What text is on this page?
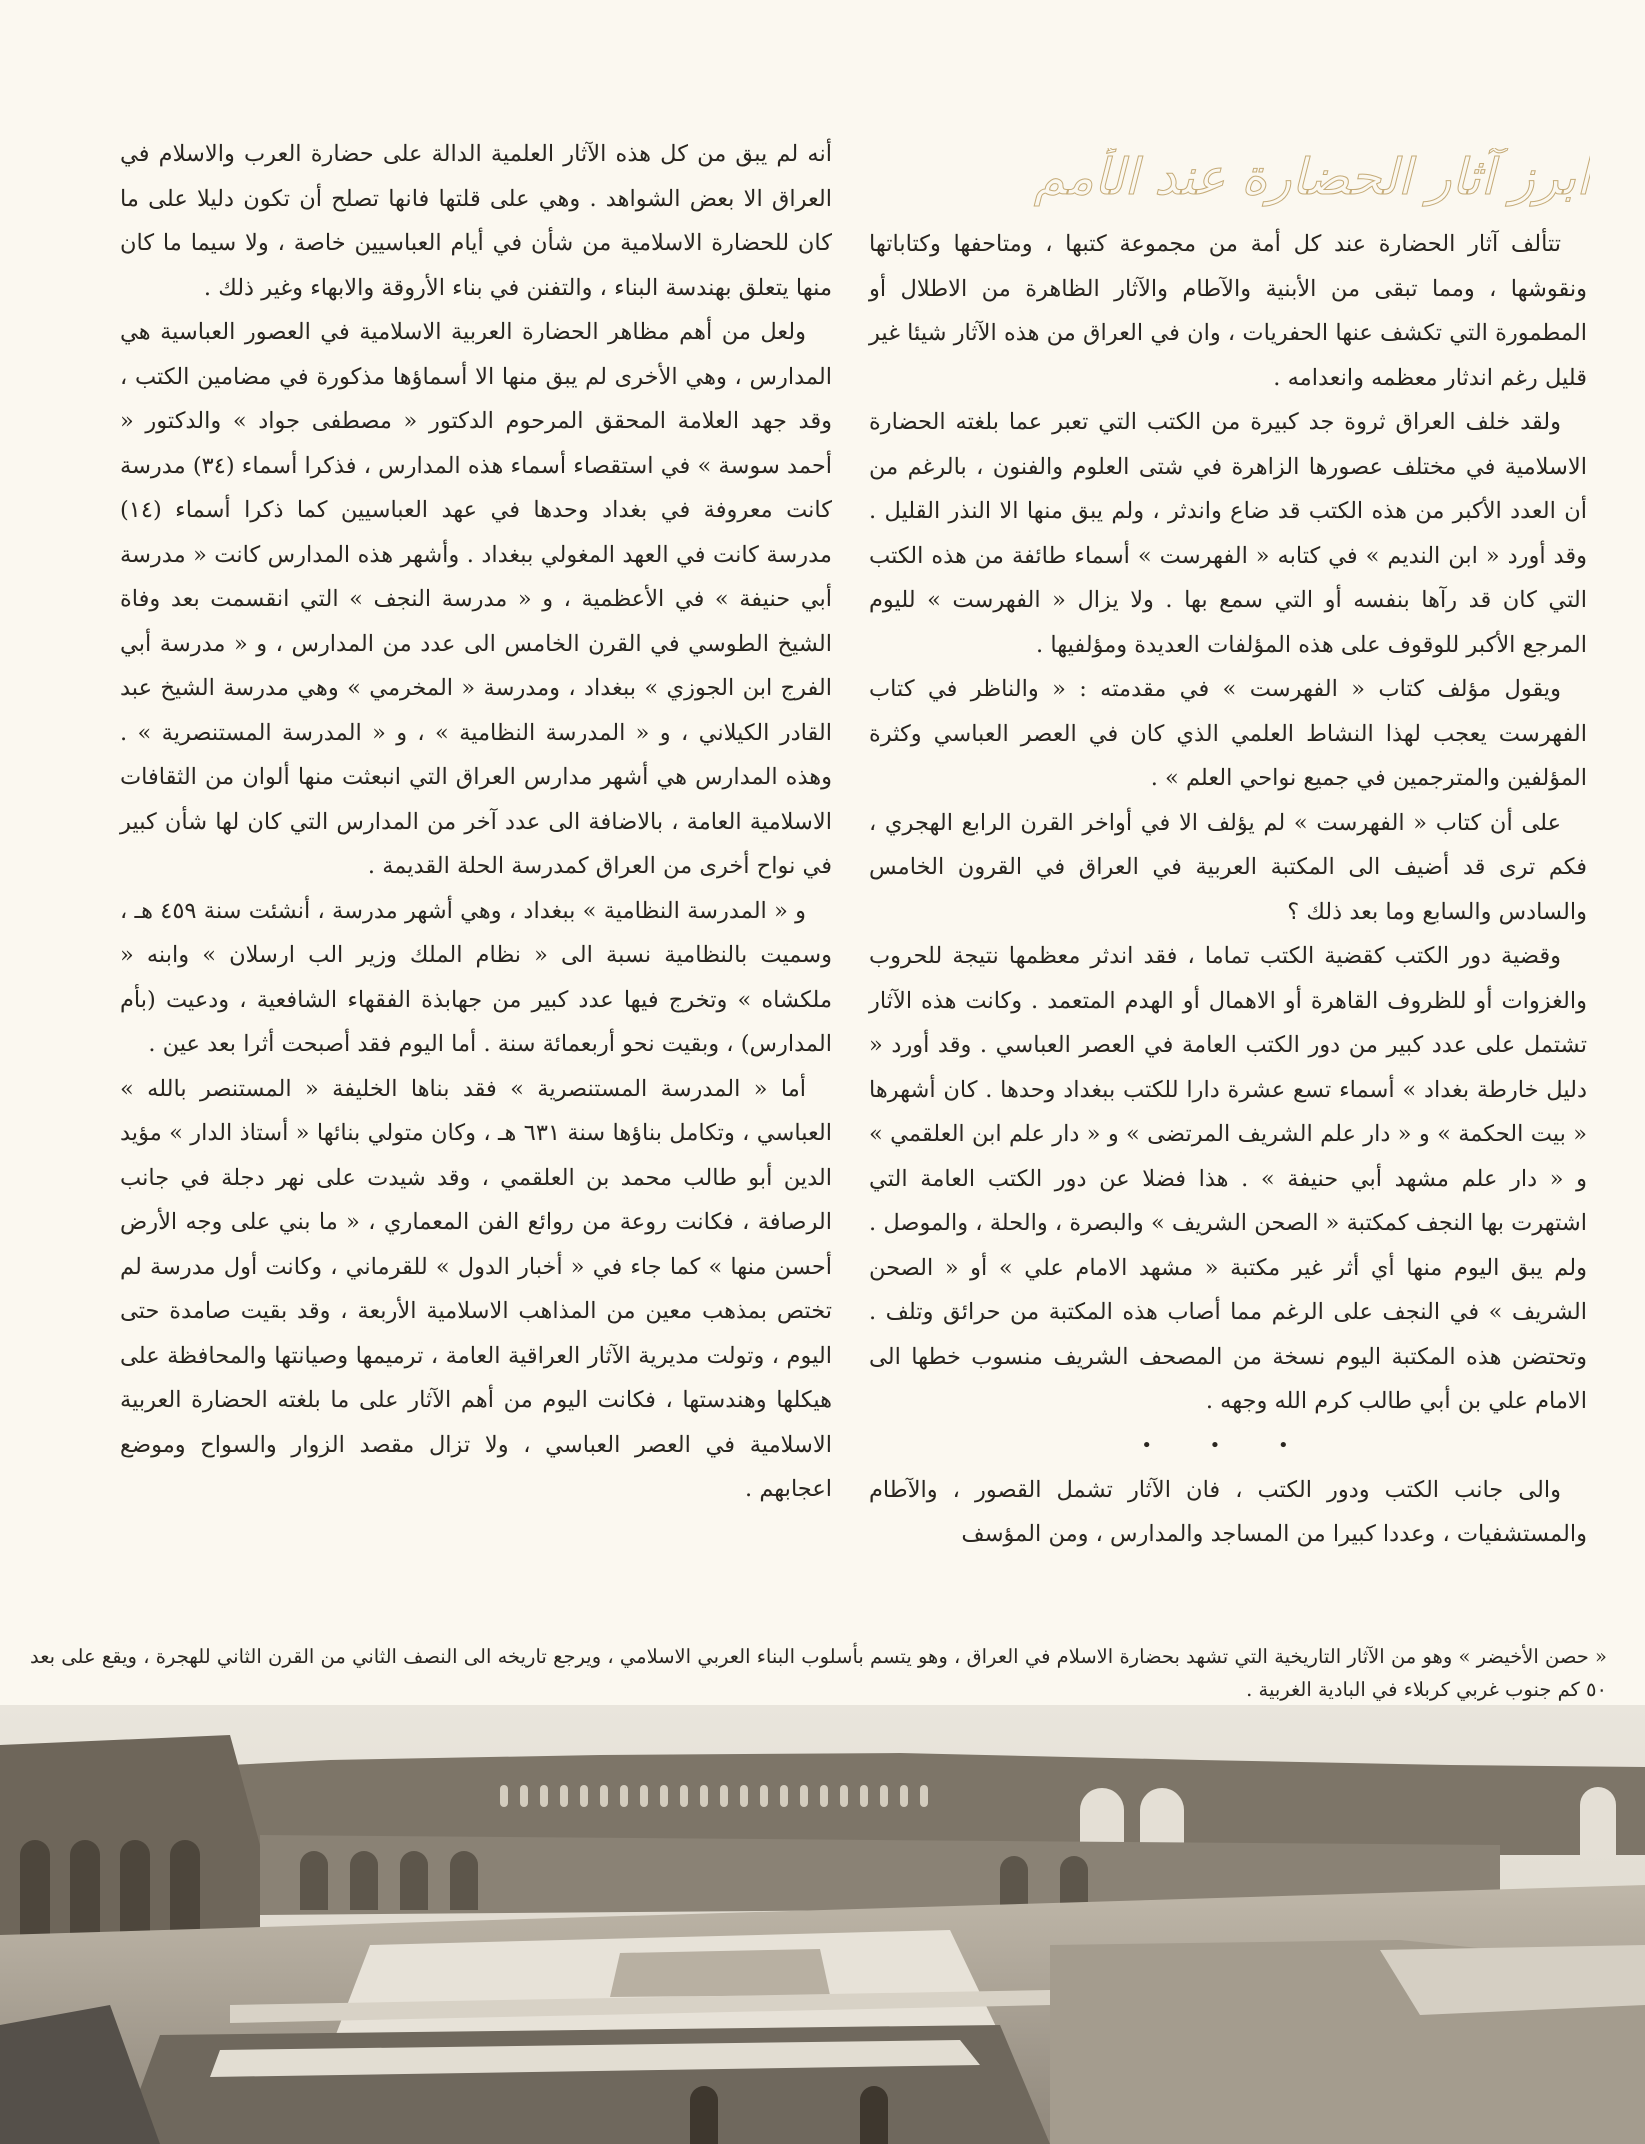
ابرز آثار الحضارة عند الأمم

تتألف آثار الحضارة عند كل أمة من مجموعة كتبها ، ومتاحفها وكتاباتها ونقوشها ، ومما تبقى من الأبنية والآطام والآثار الظاهرة من الاطلال أو المطمورة التي تكشف عنها الحفريات ، وان في العراق من هذه الآثار شيئا غير قليل رغم اندثار معظمه وانعدامه .

ولقد خلف العراق ثروة جد كبيرة من الكتب التي تعبر عما بلغته الحضارة الاسلامية في مختلف عصورها الزاهرة في شتى العلوم والفنون ، بالرغم من أن العدد الأكبر من هذه الكتب قد ضاع واندثر ، ولم يبق منها الا النذر القليل . وقد أورد « ابن النديم » في كتابه « الفهرست » أسماء طائفة من هذه الكتب التي كان قد رآها بنفسه أو التي سمع بها . ولا يزال « الفهرست » لليوم المرجع الأكبر للوقوف على هذه المؤلفات العديدة ومؤلفيها .

ويقول مؤلف كتاب « الفهرست » في مقدمته : « والناظر في كتاب الفهرست يعجب لهذا النشاط العلمي الذي كان في العصر العباسي وكثرة المؤلفين والمترجمين في جميع نواحي العلم » .

على أن كتاب « الفهرست » لم يؤلف الا في أواخر القرن الرابع الهجري ، فكم ترى قد أضيف الى المكتبة العربية في العراق في القرون الخامس والسادس والسابع وما بعد ذلك ؟

وقضية دور الكتب كقضية الكتب تماما ، فقد اندثر معظمها نتيجة للحروب والغزوات أو للظروف القاهرة أو الاهمال أو الهدم المتعمد . وكانت هذه الآثار تشتمل على عدد كبير من دور الكتب العامة في العصر العباسي . وقد أورد « دليل خارطة بغداد » أسماء تسع عشرة دارا للكتب ببغداد وحدها . كان أشهرها « بيت الحكمة » و « دار علم الشريف المرتضى » و « دار علم ابن العلقمي » و « دار علم مشهد أبي حنيفة » . هذا فضلا عن دور الكتب العامة التي اشتهرت بها النجف كمكتبة « الصحن الشريف » والبصرة ، والحلة ، والموصل . ولم يبق اليوم منها أي أثر غير مكتبة « مشهد الامام علي » أو « الصحن الشريف » في النجف على الرغم مما أصاب هذه المكتبة من حرائق وتلف . وتحتضن هذه المكتبة اليوم نسخة من المصحف الشريف منسوب خطها الى الامام علي بن أبي طالب كرم الله وجهه .

• • •

والى جانب الكتب ودور الكتب ، فان الآثار تشمل القصور ، والآطام والمستشفيات ، وعددا كبيرا من المساجد والمدارس ، ومن المؤسف

أنه لم يبق من كل هذه الآثار العلمية الدالة على حضارة العرب والاسلام في العراق الا بعض الشواهد . وهي على قلتها فانها تصلح أن تكون دليلا على ما كان للحضارة الاسلامية من شأن في أيام العباسيين خاصة ، ولا سيما ما كان منها يتعلق بهندسة البناء ، والتفنن في بناء الأروقة والابهاء وغير ذلك .

ولعل من أهم مظاهر الحضارة العربية الاسلامية في العصور العباسية هي المدارس ، وهي الأخرى لم يبق منها الا أسماؤها مذكورة في مضامين الكتب ، وقد جهد العلامة المحقق المرحوم الدكتور « مصطفى جواد » والدكتور « أحمد سوسة » في استقصاء أسماء هذه المدارس ، فذكرا أسماء (٣٤) مدرسة كانت معروفة في بغداد وحدها في عهد العباسيين كما ذكرا أسماء (١٤) مدرسة كانت في العهد المغولي ببغداد . وأشهر هذه المدارس كانت « مدرسة أبي حنيفة » في الأعظمية ، و « مدرسة النجف » التي انقسمت بعد وفاة الشيخ الطوسي في القرن الخامس الى عدد من المدارس ، و « مدرسة أبي الفرج ابن الجوزي » ببغداد ، ومدرسة « المخرمي » وهي مدرسة الشيخ عبد القادر الكيلاني ، و « المدرسة النظامية » ، و « المدرسة المستنصرية » . وهذه المدارس هي أشهر مدارس العراق التي انبعثت منها ألوان من الثقافات الاسلامية العامة ، بالاضافة الى عدد آخر من المدارس التي كان لها شأن كبير في نواح أخرى من العراق كمدرسة الحلة القديمة .

و « المدرسة النظامية » ببغداد ، وهي أشهر مدرسة ، أنشئت سنة ٤٥٩ هـ ، وسميت بالنظامية نسبة الى « نظام الملك وزير الب ارسلان » وابنه « ملكشاه » وتخرج فيها عدد كبير من جهابذة الفقهاء الشافعية ، ودعيت (بأم المدارس) ، وبقيت نحو أربعمائة سنة . أما اليوم فقد أصبحت أثرا بعد عين .

أما « المدرسة المستنصرية » فقد بناها الخليفة « المستنصر بالله » العباسي ، وتكامل بناؤها سنة ٦٣١ هـ ، وكان متولي بنائها « أستاذ الدار » مؤيد الدين أبو طالب محمد بن العلقمي ، وقد شيدت على نهر دجلة في جانب الرصافة ، فكانت روعة من روائع الفن المعماري ، « ما بني على وجه الأرض أحسن منها » كما جاء في « أخبار الدول » للقرماني ، وكانت أول مدرسة لم تختص بمذهب معين من المذاهب الاسلامية الأربعة ، وقد بقيت صامدة حتى اليوم ، وتولت مديرية الآثار العراقية العامة ، ترميمها وصيانتها والمحافظة على هيكلها وهندستها ، فكانت اليوم من أهم الآثار على ما بلغته الحضارة العربية الاسلامية في العصر العباسي ، ولا تزال مقصد الزوار والسواح وموضع اعجابهم .

« حصن الأخيضر » وهو من الآثار التاريخية التي تشهد بحضارة الاسلام في العراق ، وهو يتسم بأسلوب البناء العربي الاسلامي ، ويرجع تاريخه الى النصف الثاني من القرن الثاني للهجرة ، ويقع على بعد ٥٠ كم جنوب غربي كربلاء في البادية الغربية .
